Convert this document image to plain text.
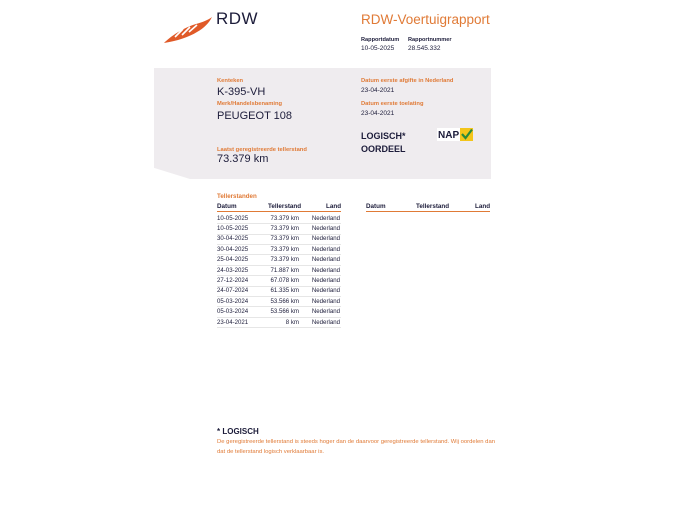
RDW	RDW-Voertuigrapport
Rapportdatum Rapportnummer
10-05-2025 28.545.332
Kenteken
K-395-VH
Merk/Handelsbenaming
PEUGEOT 108
Laatst geregistreerde tellerstand
73.379 km
Datum eerste afgifte in Nederland
23-04-2021
Datum eerste toelating
23-04-2021
LOGISCH*
OORDEEL
NAP
Tellerstanden
Datum	Tellerstand	Land	Datum	Tellerstand	Land
10-05-2025	73.379 km Nederland
10-05-2025	73.379 km Nederland
30-04-2025	73.379 km Nederland
30-04-2025	73.379 km Nederland
25-04-2025	73.379 km Nederland
24-03-2025	71.887 km Nederland
27-12-2024	67.078 km Nederland
24-07-2024	61.335 km Nederland
05-03-2024	53.566 km Nederland
05-03-2024	53.566 km Nederland
23-04-2021	8 km Nederland
* LOGISCH
De geregistreerde tellerstand is steeds hoger dan de daarvoor geregistreerde tellerstand. Wij oordelen dan dat de tellerstand logisch verklaarbaar is.
